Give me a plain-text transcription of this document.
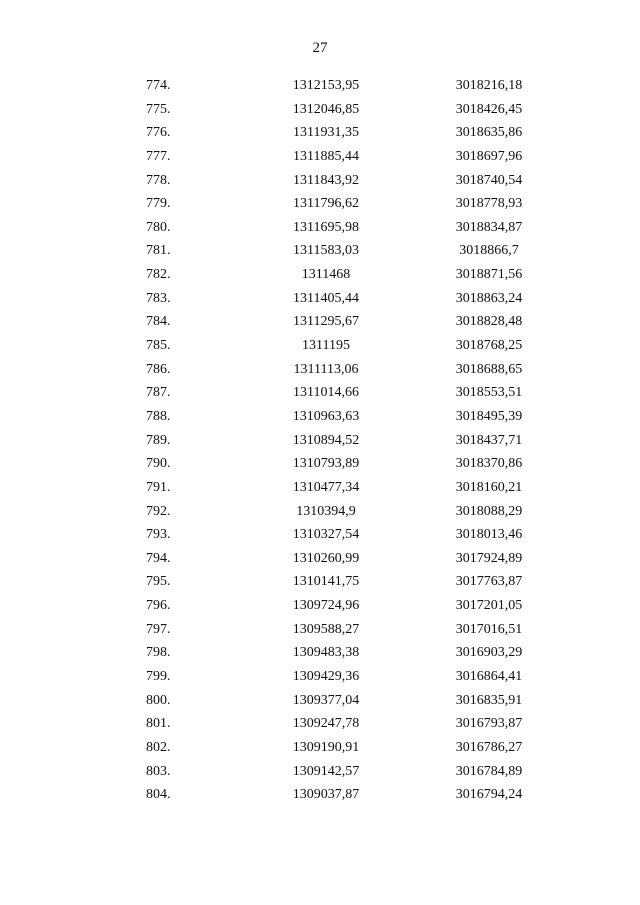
27
774.	1312153,95	3018216,18
775.	1312046,85	3018426,45
776.	1311931,35	3018635,86
777.	1311885,44	3018697,96
778.	1311843,92	3018740,54
779.	1311796,62	3018778,93
780.	1311695,98	3018834,87
781.	1311583,03	3018866,7
782.	1311468	3018871,56
783.	1311405,44	3018863,24
784.	1311295,67	3018828,48
785.	1311195	3018768,25
786.	1311113,06	3018688,65
787.	1311014,66	3018553,51
788.	1310963,63	3018495,39
789.	1310894,52	3018437,71
790.	1310793,89	3018370,86
791.	1310477,34	3018160,21
792.	1310394,9	3018088,29
793.	1310327,54	3018013,46
794.	1310260,99	3017924,89
795.	1310141,75	3017763,87
796.	1309724,96	3017201,05
797.	1309588,27	3017016,51
798.	1309483,38	3016903,29
799.	1309429,36	3016864,41
800.	1309377,04	3016835,91
801.	1309247,78	3016793,87
802.	1309190,91	3016786,27
803.	1309142,57	3016784,89
804.	1309037,87	3016794,24
